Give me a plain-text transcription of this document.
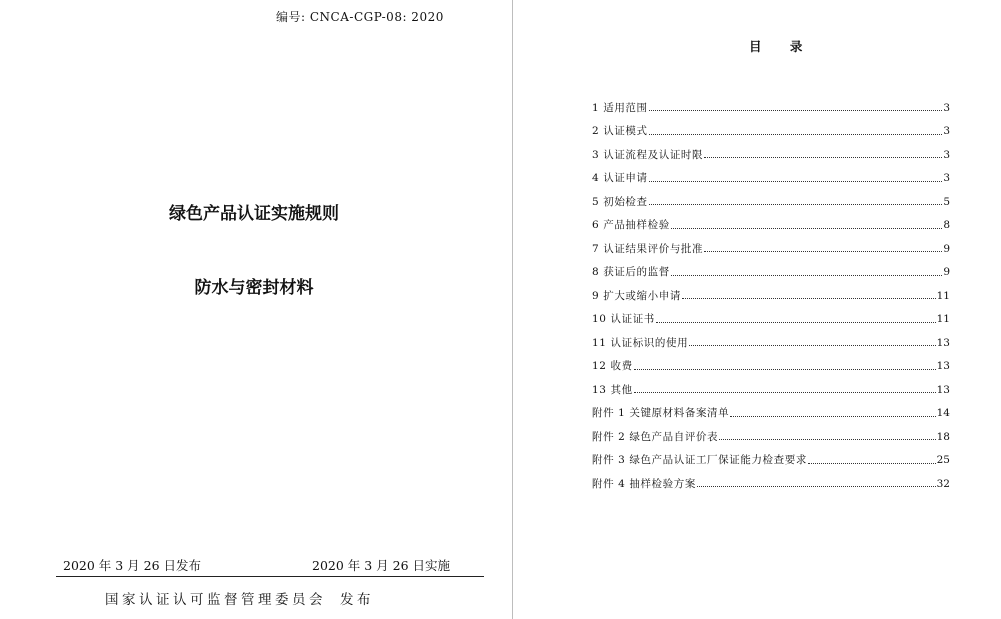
编号: CNCA-CGP-08: 2020
绿色产品认证实施规则
防水与密封材料
2020 年 3 月 26 日发布	2020 年 3 月 26 日实施
国家认证认可监督管理委员会 发布
目 录
1 适用范围	3
2 认证模式	3
3 认证流程及认证时限	3
4 认证申请	3
5 初始检查	5
6 产品抽样检验	8
7 认证结果评价与批准	9
8 获证后的监督	9
9 扩大或缩小申请	11
10 认证证书	11
11 认证标识的使用	13
12 收费	13
13 其他	13
附件 1 关键原材料备案清单	14
附件 2 绿色产品自评价表	18
附件 3 绿色产品认证工厂保证能力检查要求	25
附件 4 抽样检验方案	32
